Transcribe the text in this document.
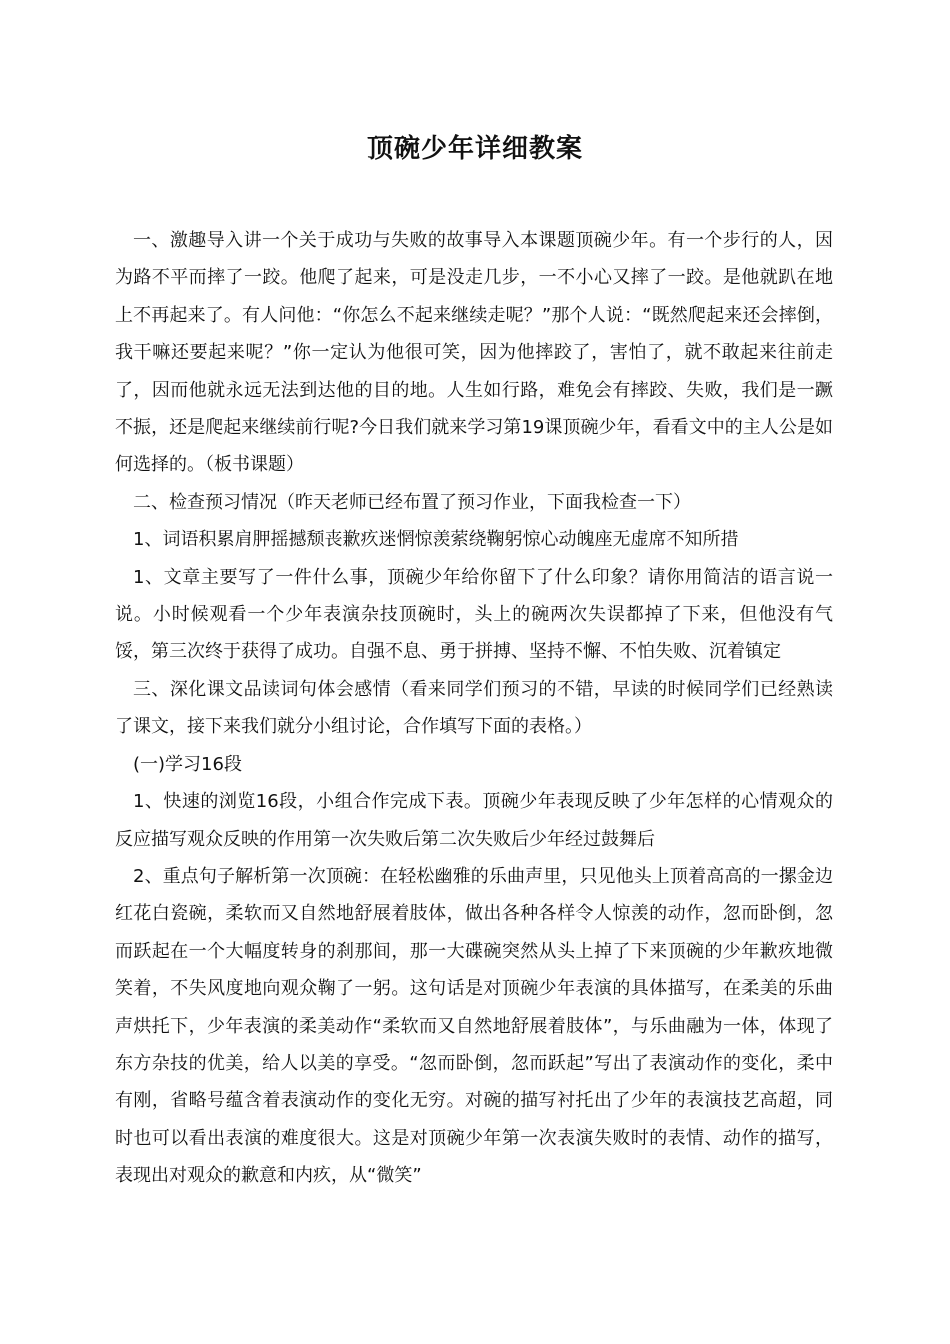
顶碗少年详细教案

一、激趣导入讲一个关于成功与失败的故事导入本课题顶碗少年。有一个步行的人，因为路不平而摔了一跤。他爬了起来，可是没走几步，一不小心又摔了一跤。是他就趴在地上不再起来了。有人问他：“你怎么不起来继续走呢？”那个人说：“既然爬起来还会摔倒，我干嘛还要起来呢？”你一定认为他很可笑，因为他摔跤了，害怕了，就不敢起来往前走了，因而他就永远无法到达他的目的地。人生如行路，难免会有摔跤、失败，我们是一蹶不振，还是爬起来继续前行呢?今日我们就来学习第19课顶碗少年，看看文中的主人公是如何选择的。（板书课题）

二、检查预习情况（昨天老师已经布置了预习作业，下面我检查一下）

1、词语积累肩胛摇撼颓丧歉疚迷惘惊羡萦绕鞠躬惊心动魄座无虚席不知所措

1、文章主要写了一件什么事，顶碗少年给你留下了什么印象？请你用简洁的语言说一说。小时候观看一个少年表演杂技顶碗时，头上的碗两次失误都掉了下来，但他没有气馁，第三次终于获得了成功。自强不息、勇于拼搏、坚持不懈、不怕失败、沉着镇定

三、深化课文品读词句体会感情（看来同学们预习的不错，早读的时候同学们已经熟读了课文，接下来我们就分小组讨论，合作填写下面的表格。）

(一)学习16段

1、快速的浏览16段，小组合作完成下表。顶碗少年表现反映了少年怎样的心情观众的反应描写观众反映的作用第一次失败后第二次失败后少年经过鼓舞后

2、重点句子解析第一次顶碗：在轻松幽雅的乐曲声里，只见他头上顶着高高的一摞金边红花白瓷碗，柔软而又自然地舒展着肢体，做出各种各样令人惊羡的动作，忽而卧倒，忽而跃起在一个大幅度转身的刹那间，那一大碟碗突然从头上掉了下来顶碗的少年歉疚地微笑着，不失风度地向观众鞠了一躬。这句话是对顶碗少年表演的具体描写，在柔美的乐曲声烘托下，少年表演的柔美动作“柔软而又自然地舒展着肢体”，与乐曲融为一体，体现了东方杂技的优美，给人以美的享受。“忽而卧倒，忽而跃起”写出了表演动作的变化，柔中有刚，省略号蕴含着表演动作的变化无穷。对碗的描写衬托出了少年的表演技艺高超，同时也可以看出表演的难度很大。这是对顶碗少年第一次表演失败时的表情、动作的描写，表现出对观众的歉意和内疚，从“微笑”
